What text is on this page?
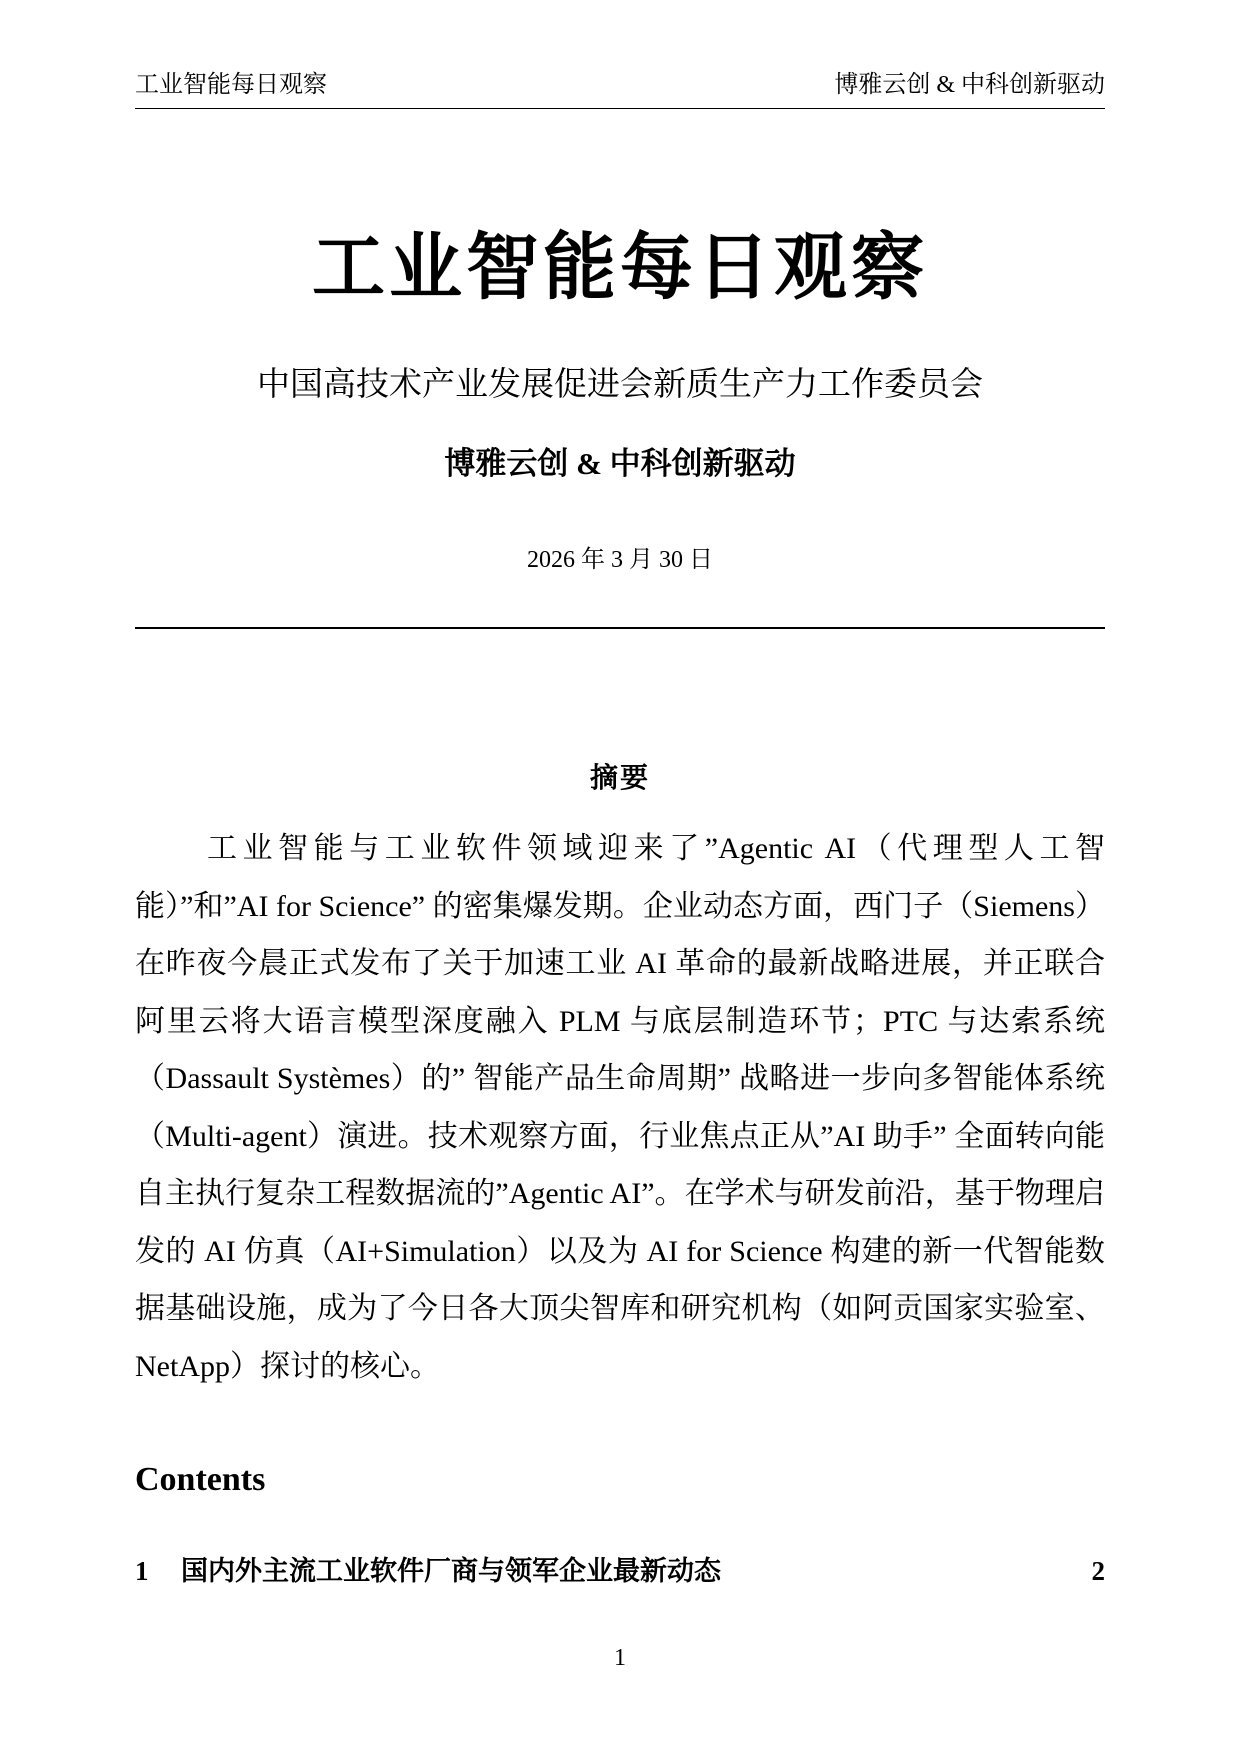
工业智能每日观察	博雅云创 & 中科创新驱动
工业智能每日观察
中国高技术产业发展促进会新质生产力工作委员会
博雅云创 & 中科创新驱动
2026 年 3 月 30 日
摘要

工业智能与工业软件领域迎来了”Agentic AI（代理型人工智能）”和”AI for Science” 的密集爆发期。企业动态方面，西门子（Siemens）在昨夜今晨正式发布了关于加速工业 AI 革命的最新战略进展，并正联合阿里云将大语言模型深度融入 PLM 与底层制造环节；PTC 与达索系统（Dassault Systèmes）的” 智能产品生命周期” 战略进一步向多智能体系统（Multi-agent）演进。技术观察方面，行业焦点正从”AI 助手” 全面转向能自主执行复杂工程数据流的”Agentic AI”。在学术与研发前沿，基于物理启发的 AI 仿真（AI+Simulation）以及为 AI for Science 构建的新一代智能数据基础设施，成为了今日各大顶尖智库和研究机构（如阿贡国家实验室、NetApp）探讨的核心。

Contents
1	国内外主流工业软件厂商与领军企业最新动态	2
1
